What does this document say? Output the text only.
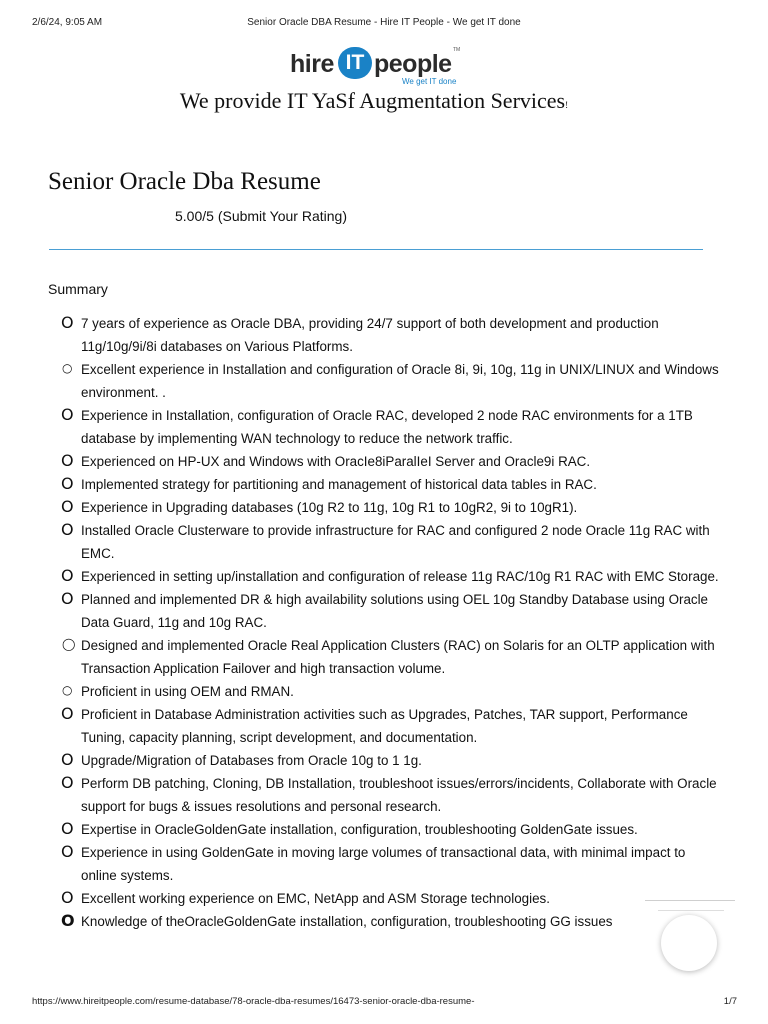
2/6/24, 9:05 AM	Senior Oracle DBA Resume - Hire IT People - We get IT done
hire IT people
We get IT done
TM
We provide IT YaSf Augmentation Services!
Senior Oracle Dba Resume
5.00/5 (Submit Your Rating)
Summary
O 7 years of experience as Oracle DBA, providing 24/7 support of both development and production 11g/10g/9i/8i databases on Various Platforms.
○ Excellent experience in Installation and configuration of Oracle 8i, 9i, 10g, 11g in UNIX/LINUX and Windows environment. .
O Experience in Installation, configuration of Oracle RAC, developed 2 node RAC environments for a 1TB database by implementing WAN technology to reduce the network traffic.
O Experienced on HP-UX and Windows with OracIe8iParalIeI Server and Oracle9i RAC.
O Implemented strategy for partitioning and management of historical data tables in RAC.
O Experience in Upgrading databases (10g R2 to 11g, 10g R1 to 10gR2, 9i to 10gR1).
O Installed Oracle Clusterware to provide infrastructure for RAC and configured 2 node Oracle 11g RAC with EMC.
O Experienced in setting up/installation and configuration of release 11g RAC/10g R1 RAC with EMC Storage.
O Planned and implemented DR & high availability solutions using OEL 10g Standby Database using Oracle Data Guard, 11g and 10g RAC.
◯ Designed and implemented Oracle Real Application Clusters (RAC) on Solaris for an OLTP application with Transaction Application Failover and high transaction volume.
○ Proficient in using OEM and RMAN.
O Proficient in Database Administration activities such as Upgrades, Patches, TAR support, Performance Tuning, capacity planning, script development, and documentation.
O Upgrade/Migration of Databases from Oracle 10g to 1 1g.
O Perform DB patching, Cloning, DB Installation, troubleshoot issues/errors/incidents, Collaborate with Oracle support for bugs & issues resolutions and personal research.
O Expertise in OracleGoldenGate installation, configuration, troubleshooting GoldenGate issues.
O Experience in using GoldenGate in moving large volumes of transactional data, with minimal impact to online systems.
O Excellent working experience on EMC, NetApp and ASM Storage technologies.
O Knowledge of theOracleGoldenGate installation, configuration, troubleshooting GG issues
https://www.hireitpeople.com/resume-database/78-oracle-dba-resumes/16473-senior-oracle-dba-resume-	1/7
